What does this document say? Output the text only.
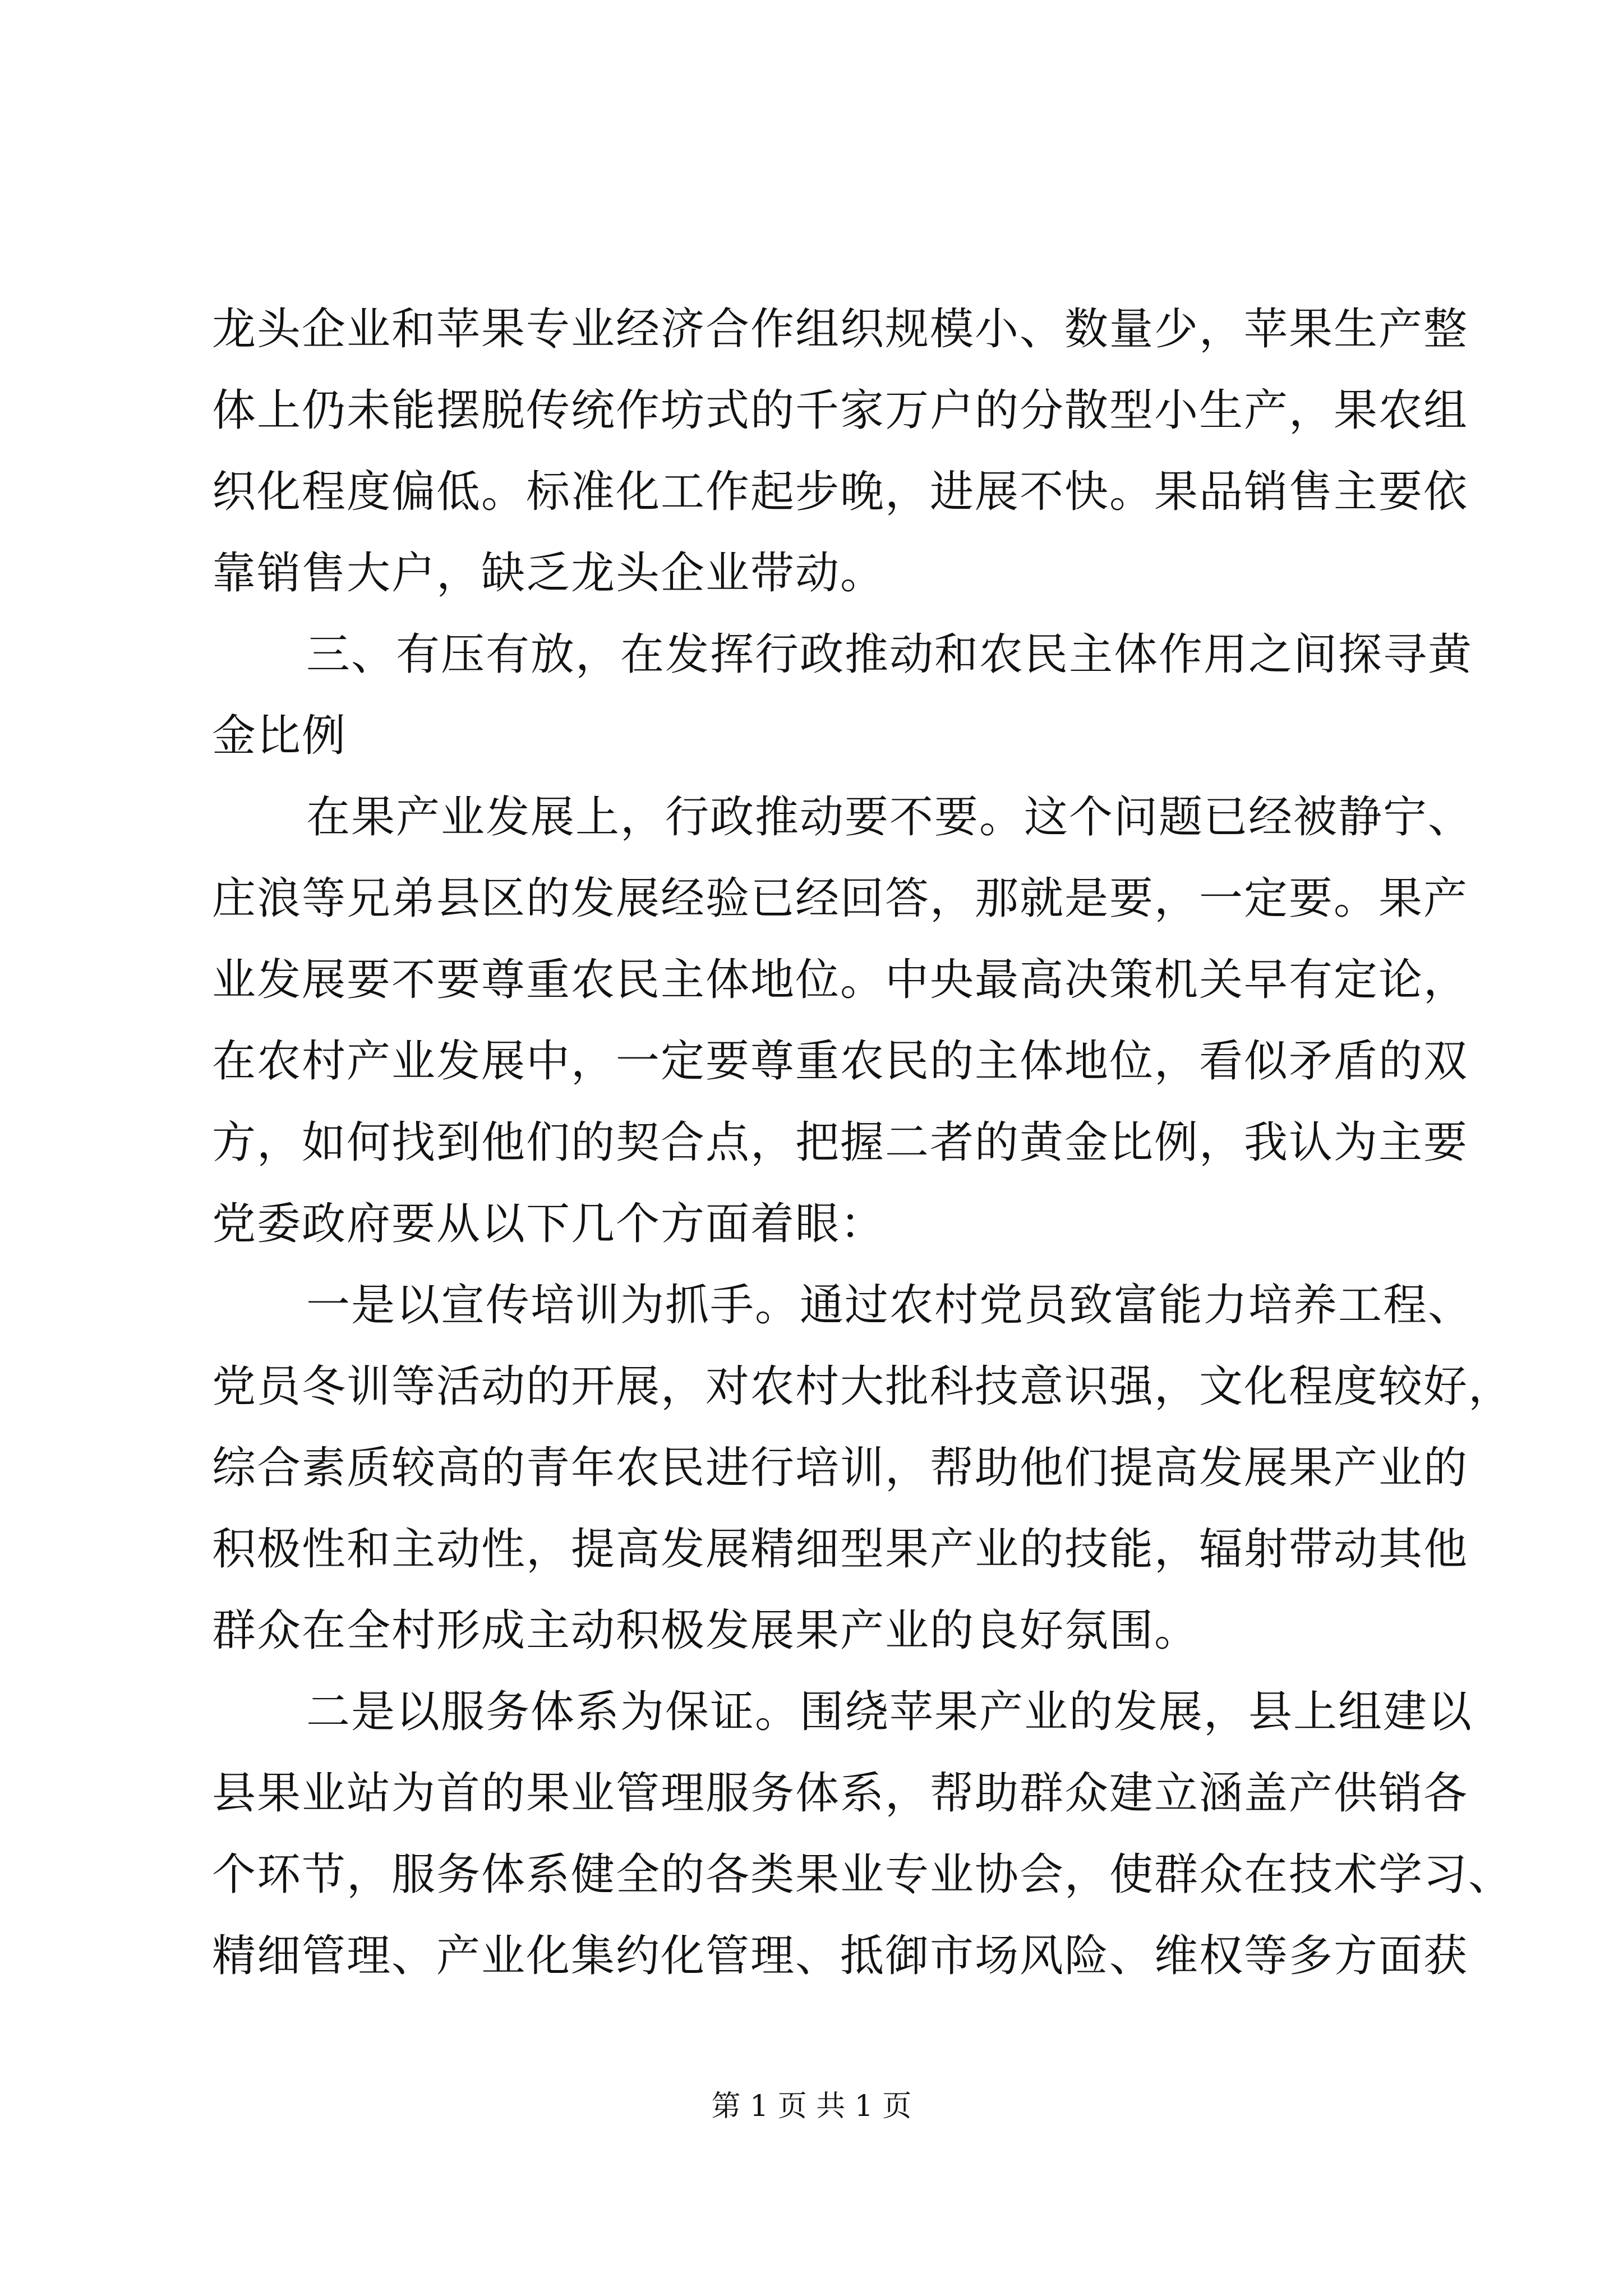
龙头企业和苹果专业经济合作组织规模小、数量少，苹果生产整
体上仍未能摆脱传统作坊式的千家万户的分散型小生产，果农组
织化程度偏低。标准化工作起步晚，进展不快。果品销售主要依
靠销售大户，缺乏龙头企业带动。
三、有压有放，在发挥行政推动和农民主体作用之间探寻黄
金比例
在果产业发展上，行政推动要不要。这个问题已经被静宁、
庄浪等兄弟县区的发展经验已经回答，那就是要，一定要。果产
业发展要不要尊重农民主体地位。中央最高决策机关早有定论，
在农村产业发展中，一定要尊重农民的主体地位，看似矛盾的双
方，如何找到他们的契合点，把握二者的黄金比例，我认为主要
党委政府要从以下几个方面着眼：
一是以宣传培训为抓手。通过农村党员致富能力培养工程、
党员冬训等活动的开展，对农村大批科技意识强，文化程度较好，
综合素质较高的青年农民进行培训，帮助他们提高发展果产业的
积极性和主动性，提高发展精细型果产业的技能，辐射带动其他
群众在全村形成主动积极发展果产业的良好氛围。
二是以服务体系为保证。围绕苹果产业的发展，县上组建以
县果业站为首的果业管理服务体系，帮助群众建立涵盖产供销各
个环节，服务体系健全的各类果业专业协会，使群众在技术学习、
精细管理、产业化集约化管理、抵御市场风险、维权等多方面获
第 1 页 共 1 页
